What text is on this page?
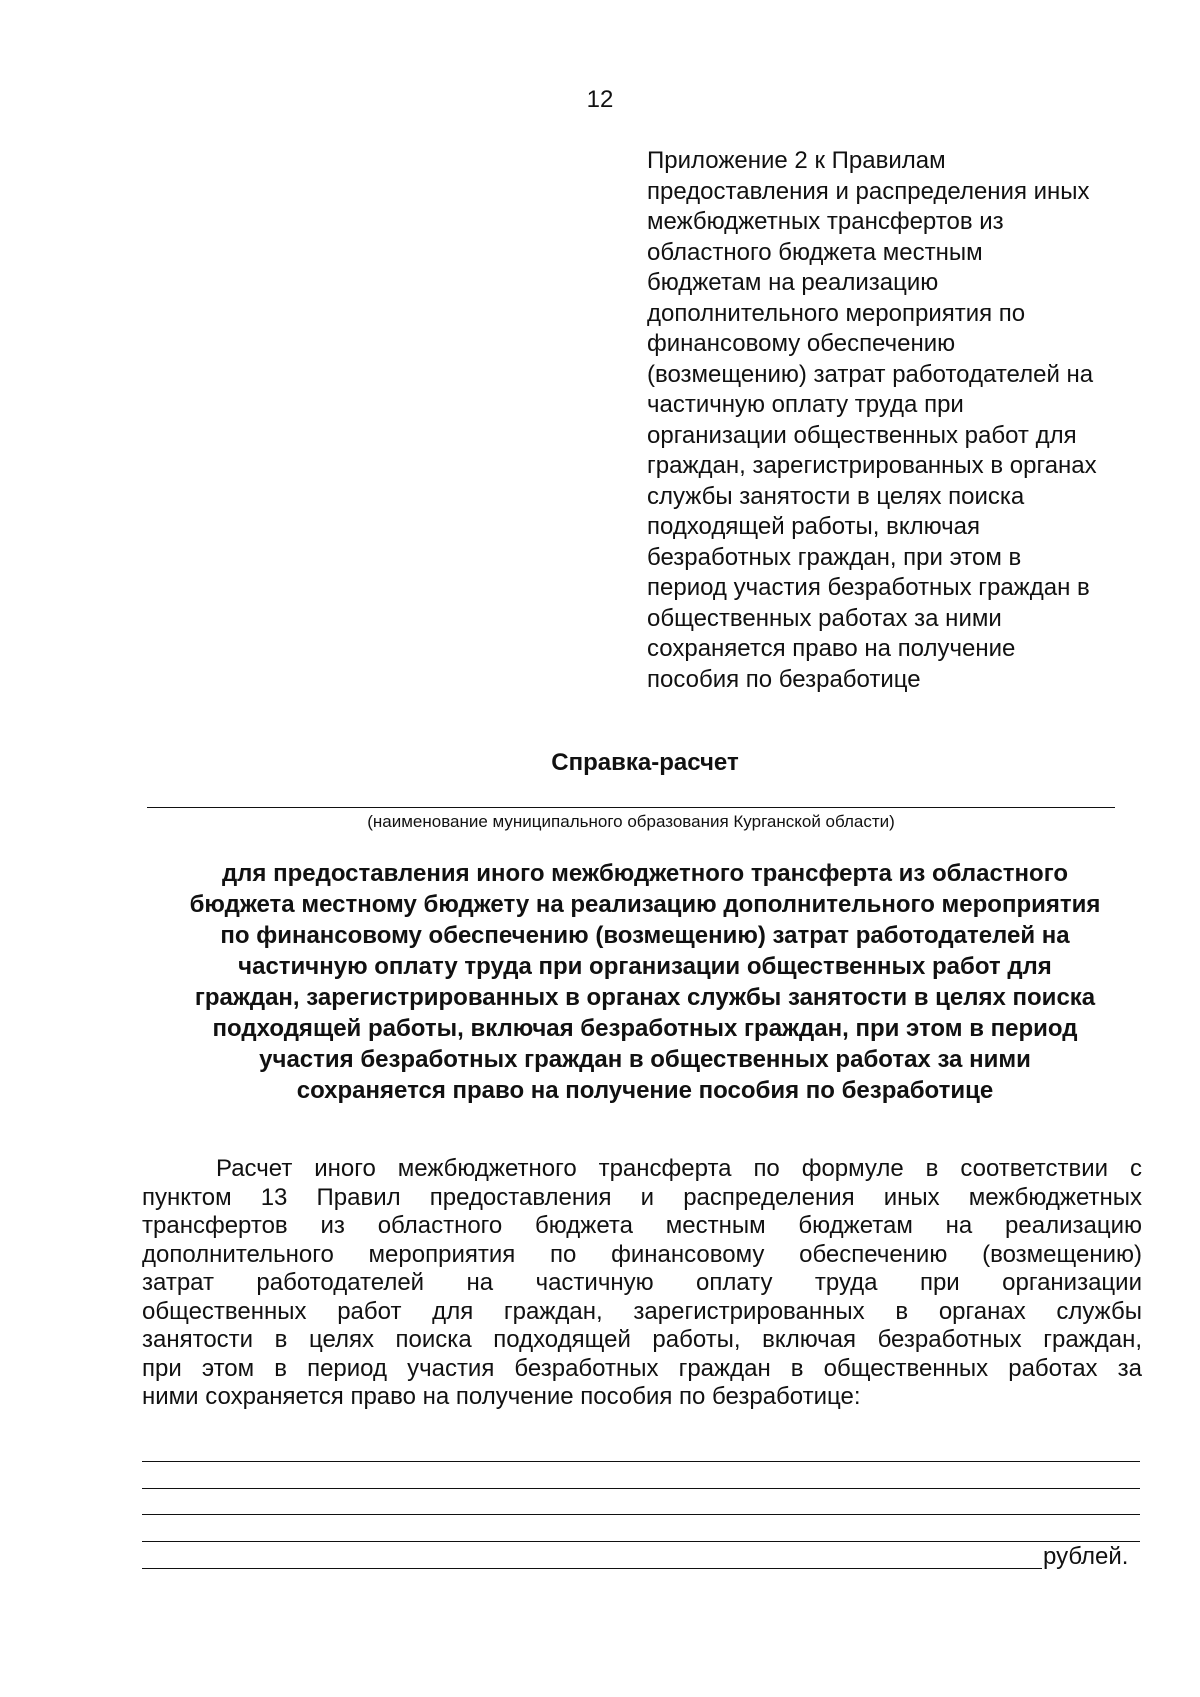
12
Приложение 2 к Правилам
предоставления и распределения иных
межбюджетных трансфертов из
областного бюджета местным
бюджетам на реализацию
дополнительного мероприятия по
финансовому обеспечению
(возмещению) затрат работодателей на
частичную оплату труда при
организации общественных работ для
граждан, зарегистрированных в органах
службы занятости в целях поиска
подходящей работы, включая
безработных граждан, при этом в
период участия безработных граждан в
общественных работах за ними
сохраняется право на получение
пособия по безработице
Справка-расчет
(наименование муниципального образования Курганской области)
для предоставления иного межбюджетного трансферта из областного
бюджета местному бюджету на реализацию дополнительного мероприятия
по финансовому обеспечению (возмещению) затрат работодателей на
частичную оплату труда при организации общественных работ для
граждан, зарегистрированных в органах службы занятости в целях поиска
подходящей работы, включая безработных граждан, при этом в период
участия безработных граждан в общественных работах за ними
сохраняется право на получение пособия по безработице
Расчет иного межбюджетного трансферта по формуле в соответствии с
пунктом 13 Правил предоставления и распределения иных межбюджетных
трансфертов из областного бюджета местным бюджетам на реализацию
дополнительного мероприятия по финансовому обеспечению (возмещению)
затрат работодателей на частичную оплату труда при организации
общественных работ для граждан, зарегистрированных в органах службы
занятости в целях поиска подходящей работы, включая безработных граждан,
при этом в период участия безработных граждан в общественных работах за
ними сохраняется право на получение пособия по безработице:
рублей.
